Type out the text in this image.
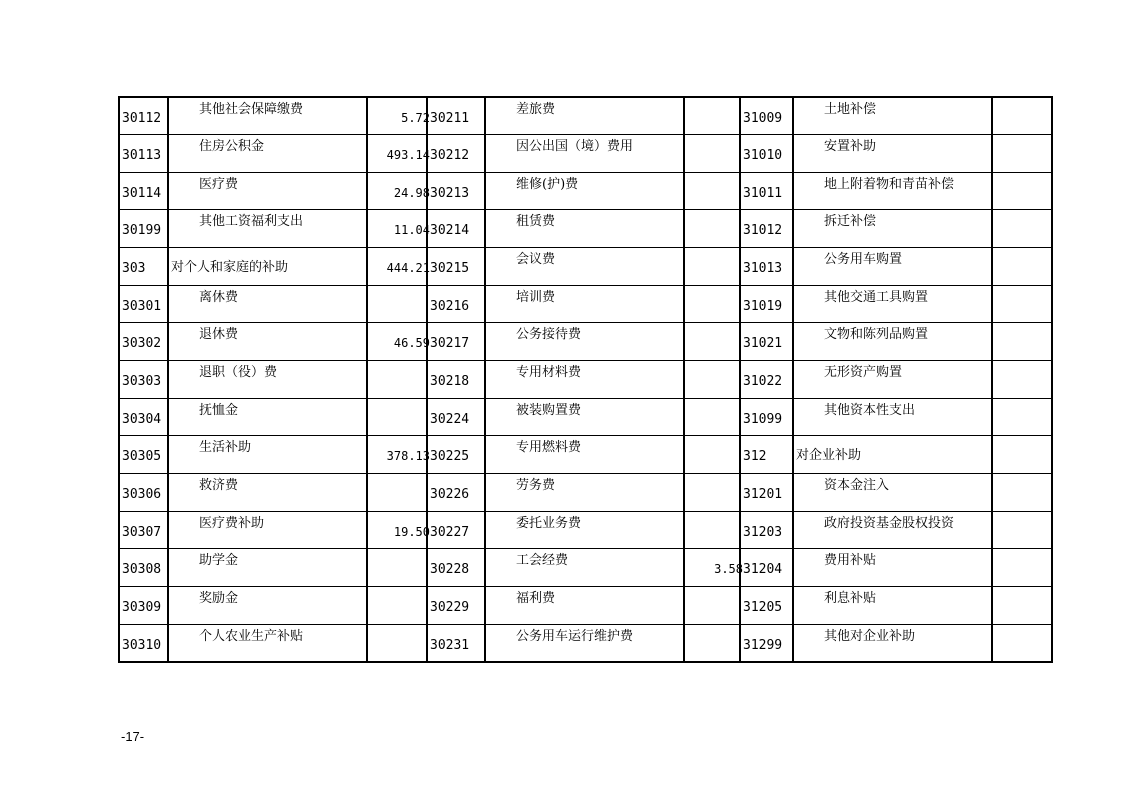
30112	其他社会保障缴费	5.72	30211	差旅费		31009	土地补偿	

30113	住房公积金	493.14	30212	因公出国（境）费用		31010	安置补助	

30114	医疗费	24.98	30213	维修(护)费		31011	地上附着物和青苗补偿	

30199	其他工资福利支出	11.04	30214	租赁费		31012	拆迁补偿	

303	对个人和家庭的补助	444.21	30215	会议费		31013	公务用车购置	

30301	离休费		30216	培训费		31019	其他交通工具购置	

30302	退休费	46.59	30217	公务接待费		31021	文物和陈列品购置	

30303	退职（役）费		30218	专用材料费		31022	无形资产购置	

30304	抚恤金		30224	被装购置费		31099	其他资本性支出	

30305	生活补助	378.13	30225	专用燃料费		312	对企业补助	

30306	救济费		30226	劳务费		31201	资本金注入	

30307	医疗费补助	19.50	30227	委托业务费		31203	政府投资基金股权投资	

30308	助学金		30228	工会经费	3.58	31204	费用补贴	

30309	奖励金		30229	福利费		31205	利息补贴	

30310	个人农业生产补贴		30231	公务用车运行维护费		31299	其他对企业补助	

-17-
